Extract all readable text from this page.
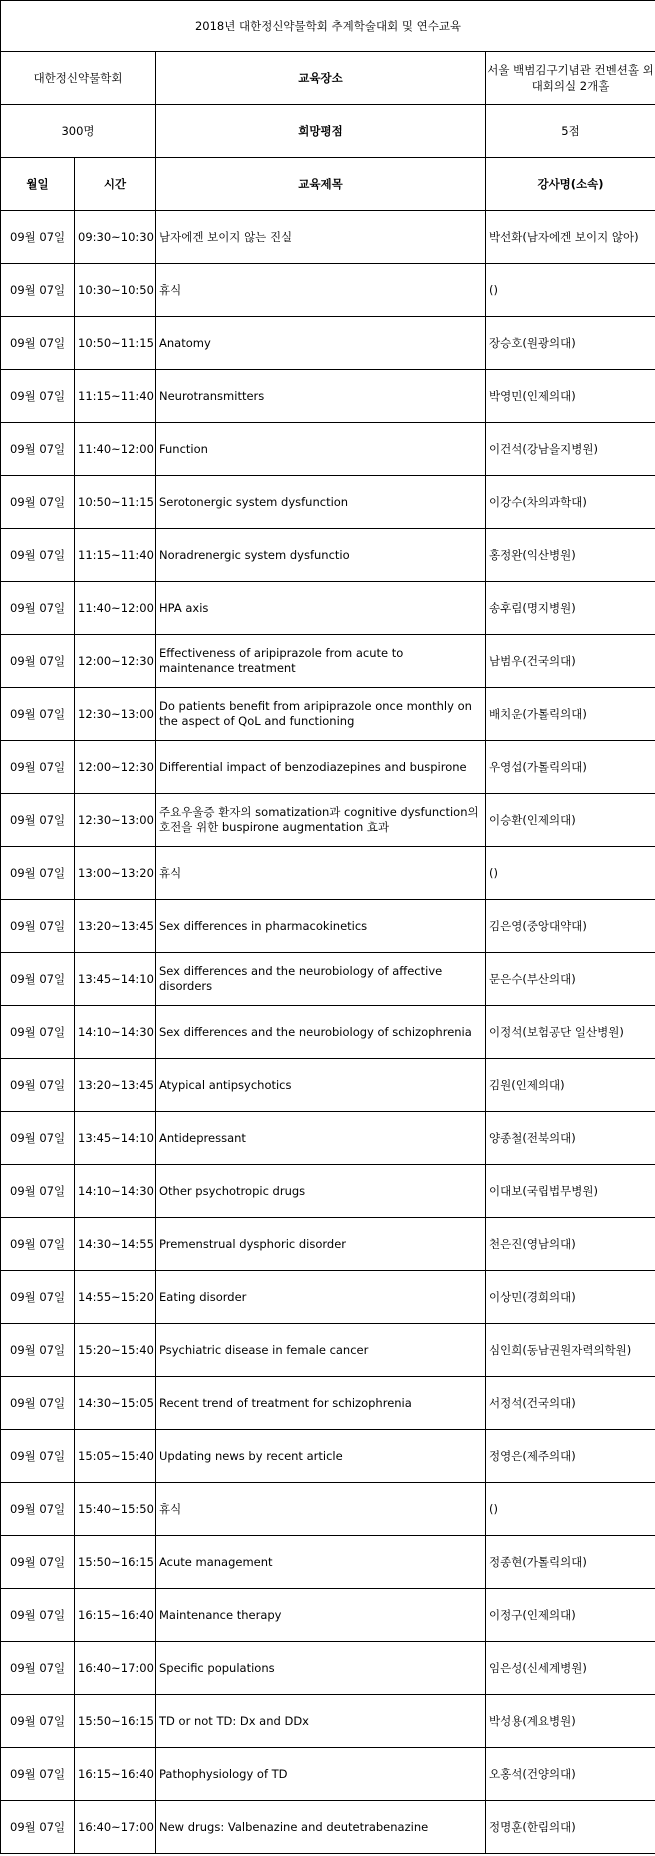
2018년 대한정신약물학회 추계학술대회 및 연수교육			
대한정신약물학회		교육장소	서울 백범김구기념관 컨벤션홀 외 대회의실 2개홀
300명		희망평점	5점
월일	시간	교육제목	강사명(소속)
09월 07일	09:30~10:30	남자에겐 보이지 않는 진실	박선화(남자에겐 보이지 않아)
09월 07일	10:30~10:50	휴식	()
09월 07일	10:50~11:15	Anatomy	장승호(원광의대)
09월 07일	11:15~11:40	Neurotransmitters	박영민(인제의대)
09월 07일	11:40~12:00	Function	이건석(강남을지병원)
09월 07일	10:50~11:15	Serotonergic system dysfunction	이강수(차의과학대)
09월 07일	11:15~11:40	Noradrenergic system dysfunctio	홍정완(익산병원)
09월 07일	11:40~12:00	HPA axis	송후림(명지병원)
09월 07일	12:00~12:30	Effectiveness of aripiprazole from acute to maintenance treatment	남범우(건국의대)
09월 07일	12:30~13:00	Do patients benefit from aripiprazole once monthly on the aspect of QoL and functioning	배치운(가톨릭의대)
09월 07일	12:00~12:30	Differential impact of benzodiazepines and buspirone	우영섭(가톨릭의대)
09월 07일	12:30~13:00	주요우울증 환자의 somatization과 cognitive dysfunction의 호전을 위한 buspirone augmentation 효과	이승환(인제의대)
09월 07일	13:00~13:20	휴식	()
09월 07일	13:20~13:45	Sex differences in pharmacokinetics	김은영(중앙대약대)
09월 07일	13:45~14:10	Sex differences and the neurobiology of affective disorders	문은수(부산의대)
09월 07일	14:10~14:30	Sex differences and the neurobiology of schizophrenia	이정석(보험공단 일산병원)
09월 07일	13:20~13:45	Atypical antipsychotics	김원(인제의대)
09월 07일	13:45~14:10	Antidepressant	양종철(전북의대)
09월 07일	14:10~14:30	Other psychotropic drugs	이대보(국립법무병원)
09월 07일	14:30~14:55	Premenstrual dysphoric disorder	천은진(영남의대)
09월 07일	14:55~15:20	Eating disorder	이상민(경희의대)
09월 07일	15:20~15:40	Psychiatric disease in female cancer	심인희(동남권원자력의학원)
09월 07일	14:30~15:05	Recent trend of treatment for schizophrenia	서정석(건국의대)
09월 07일	15:05~15:40	Updating news by recent article	정영은(제주의대)
09월 07일	15:40~15:50	휴식	()
09월 07일	15:50~16:15	Acute management	정종현(가톨릭의대)
09월 07일	16:15~16:40	Maintenance therapy	이정구(인제의대)
09월 07일	16:40~17:00	Specific populations	임은성(신세계병원)
09월 07일	15:50~16:15	TD or not TD: Dx and DDx	박성용(계요병원)
09월 07일	16:15~16:40	Pathophysiology of TD	오홍석(건양의대)
09월 07일	16:40~17:00	New drugs: Valbenazine and deutetrabenazine	정명훈(한림의대)
